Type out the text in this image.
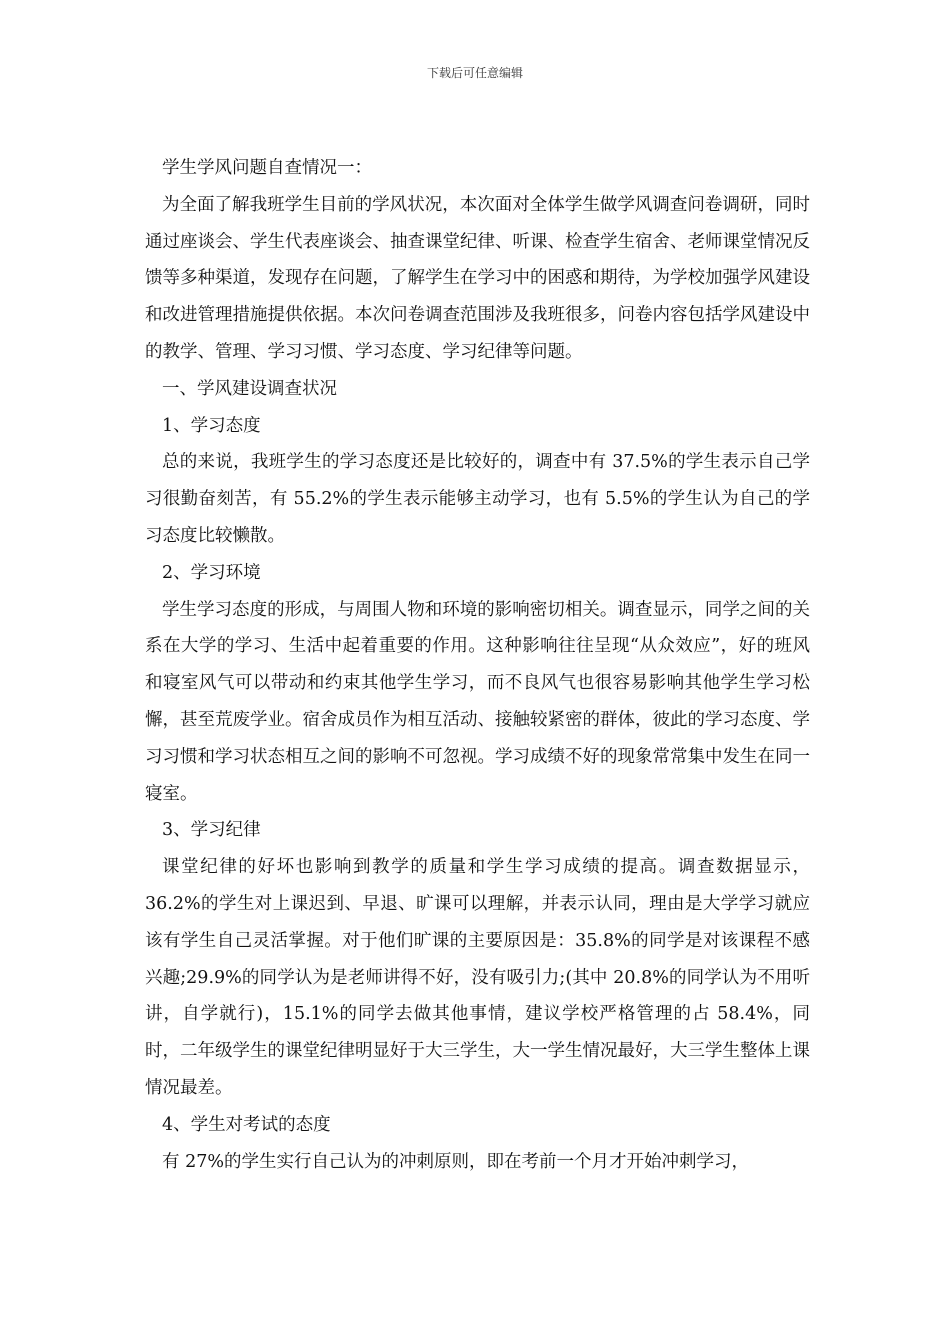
下载后可任意编辑

学生学风问题自查情况一：

为全面了解我班学生目前的学风状况，本次面对全体学生做学风调查问卷调研，同时通过座谈会、学生代表座谈会、抽查课堂纪律、听课、检查学生宿舍、老师课堂情况反馈等多种渠道，发现存在问题，了解学生在学习中的困惑和期待，为学校加强学风建设和改进管理措施提供依据。本次问卷调查范围涉及我班很多，问卷内容包括学风建设中的教学、管理、学习习惯、学习态度、学习纪律等问题。

一、学风建设调查状况

1、学习态度

总的来说，我班学生的学习态度还是比较好的，调查中有 37.5%的学生表示自己学习很勤奋刻苦，有 55.2%的学生表示能够主动学习，也有 5.5%的学生认为自己的学习态度比较懒散。

2、学习环境

学生学习态度的形成，与周围人物和环境的影响密切相关。调查显示，同学之间的关系在大学的学习、生活中起着重要的作用。这种影响往往呈现“从众效应”，好的班风和寝室风气可以带动和约束其他学生学习，而不良风气也很容易影响其他学生学习松懈，甚至荒废学业。宿舍成员作为相互活动、接触较紧密的群体，彼此的学习态度、学习习惯和学习状态相互之间的影响不可忽视。学习成绩不好的现象常常集中发生在同一寝室。

3、学习纪律

课堂纪律的好坏也影响到教学的质量和学生学习成绩的提高。调查数据显示，36.2%的学生对上课迟到、早退、旷课可以理解，并表示认同，理由是大学学习就应该有学生自己灵活掌握。对于他们旷课的主要原因是：35.8%的同学是对该课程不感兴趣;29.9%的同学认为是老师讲得不好，没有吸引力;(其中 20.8%的同学认为不用听讲，自学就行)，15.1%的同学去做其他事情，建议学校严格管理的占 58.4%，同时，二年级学生的课堂纪律明显好于大三学生，大一学生情况最好，大三学生整体上课情况最差。

4、学生对考试的态度

有 27%的学生实行自己认为的冲刺原则，即在考前一个月才开始冲刺学习，
